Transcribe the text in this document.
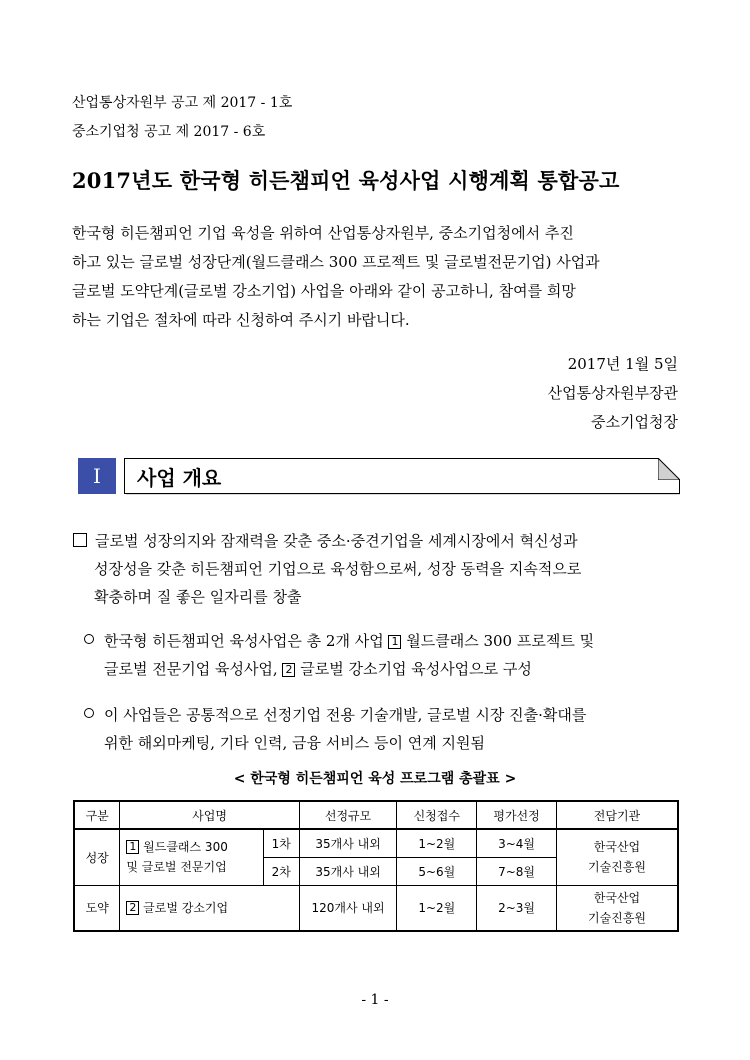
산업통상자원부 공고 제 2017 - 1호
중소기업청 공고 제 2017 - 6호
2017년도 한국형 히든챔피언 육성사업 시행계획 통합공고
한국형 히든챔피언 기업 육성을 위하여 산업통상자원부, 중소기업청에서 추진
하고 있는 글로벌 성장단계(월드클래스 300 프로젝트 및 글로벌전문기업) 사업과
글로벌 도약단계(글로벌 강소기업) 사업을 아래와 같이 공고하니, 참여를 희망
하는 기업은 절차에 따라 신청하여 주시기 바랍니다.
2017년 1월 5일
산업통상자원부장관
중소기업청장
I	사업 개요
글로벌 성장의지와 잠재력을 갖춘 중소·중견기업을 세계시장에서 혁신성과
성장성을 갖춘 히든챔피언 기업으로 육성함으로써, 성장 동력을 지속적으로
확충하며 질 좋은 일자리를 창출
한국형 히든챔피언 육성사업은 총 2개 사업 1 월드클래스 300 프로젝트 및
글로벌 전문기업 육성사업, 2 글로벌 강소기업 육성사업으로 구성
이 사업들은 공통적으로 선정기업 전용 기술개발, 글로벌 시장 진출·확대를
위한 해외마케팅, 기타 인력, 금융 서비스 등이 연계 지원됨
< 한국형 히든챔피언 육성 프로그램 총괄표 >
구분	사업명		선정규모	신청접수	평가선정	전담기관
성장	1 월드클래스 300
및 글로벌 전문기업	1차	35개사 내외	1~2월	3~4월	한국산업
기술진흥원
		2차	35개사 내외	5~6월	7~8월	
도약	2 글로벌 강소기업		120개사 내외	1~2월	2~3월	한국산업
기술진흥원
- 1 -
